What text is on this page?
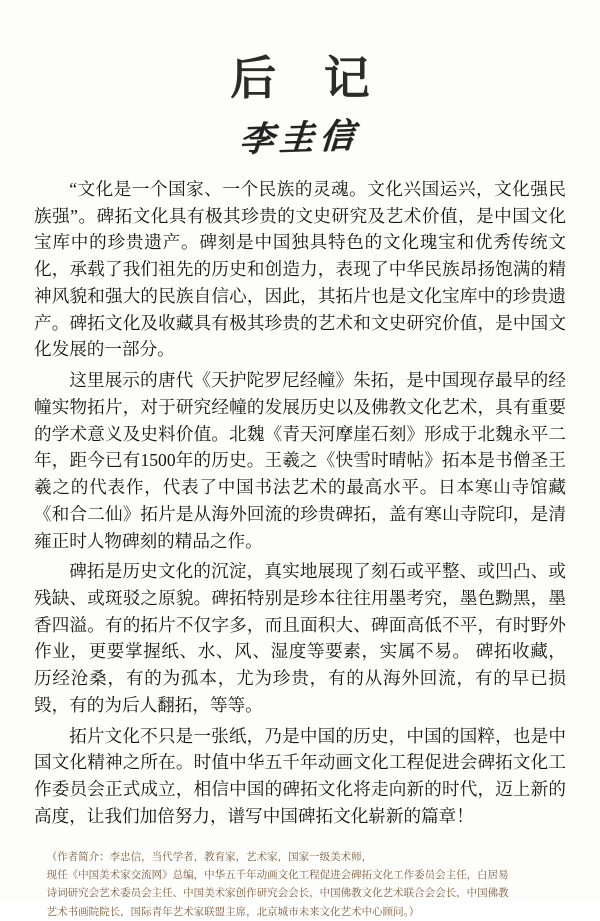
后 记
李圭信

“文化是一个国家、一个民族的灵魂。文化兴国运兴，文化强民族强”。碑拓文化具有极其珍贵的文史研究及艺术价值，是中国文化宝库中的珍贵遗产。碑刻是中国独具特色的文化瑰宝和优秀传统文化，承载了我们祖先的历史和创造力，表现了中华民族昂扬饱满的精神风貌和强大的民族自信心，因此，其拓片也是文化宝库中的珍贵遗产。碑拓文化及收藏具有极其珍贵的艺术和文史研究价值，是中国文化发展的一部分。

这里展示的唐代《天护陀罗尼经幢》朱拓，是中国现存最早的经幢实物拓片，对于研究经幢的发展历史以及佛教文化艺术，具有重要的学术意义及史料价值。北魏《青天河摩崖石刻》形成于北魏永平二年，距今已有1500年的历史。王羲之《快雪时晴帖》拓本是书僧圣王羲之的代表作，代表了中国书法艺术的最高水平。日本寒山寺馆藏《和合二仙》拓片是从海外回流的珍贵碑拓，盖有寒山寺院印，是清雍正时人物碑刻的精品之作。

碑拓是历史文化的沉淀，真实地展现了刻石或平整、或凹凸、或残缺、或斑驳之原貌。碑拓特别是珍本往往用墨考究，墨色黝黑，墨香四溢。有的拓片不仅字多，而且面积大、碑面高低不平，有时野外作业，更要掌握纸、水、风、湿度等要素，实属不易。 碑拓收藏，历经沧桑，有的为孤本，尤为珍贵，有的从海外回流，有的早已损毁，有的为后人翻拓，等等。

拓片文化不只是一张纸，乃是中国的历史，中国的国粹，也是中国文化精神之所在。时值中华五千年动画文化工程促进会碑拓文化工作委员会正式成立，相信中国的碑拓文化将走向新的时代，迈上新的高度，让我们加倍努力，谱写中国碑拓文化崭新的篇章！

（作者简介：李忠信，当代学者，教育家，艺术家，国家一级美术师，
现任《中国美术家交流网》总编，中华五千年动画文化工程促进会碑拓文化工作委员会主任，白居易
诗词研究会艺术委员会主任、中国美术家创作研究会会长，中国佛教文化艺术联合会会长，中国佛教
艺术书画院院长，国际青年艺术家联盟主席，北京城市未来文化艺术中心顾问。）
